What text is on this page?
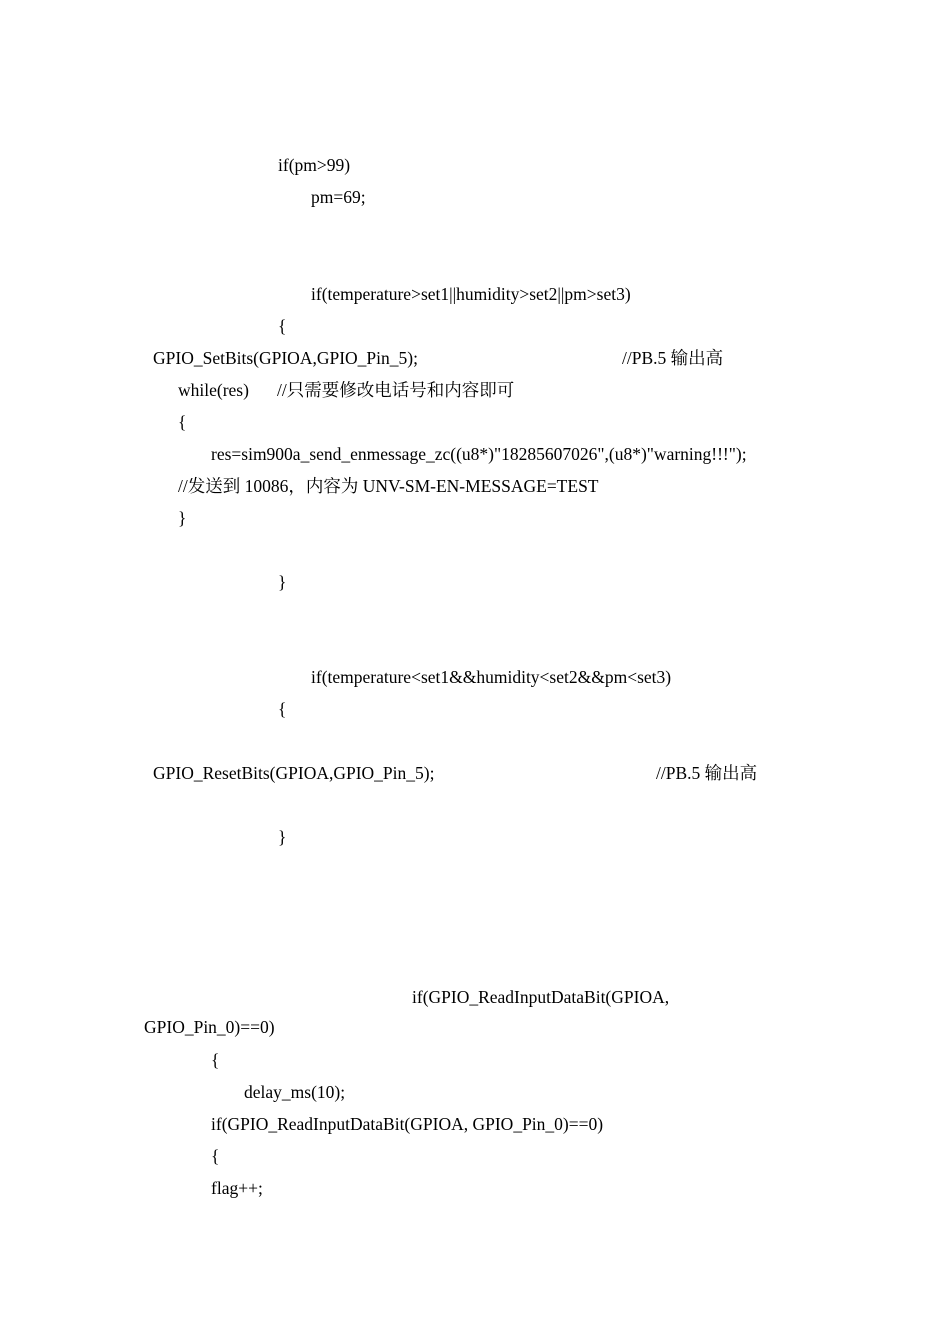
if(pm>99)
pm=69;
if(temperature>set1||humidity>set2||pm>set3)
{
GPIO_SetBits(GPIOA,GPIO_Pin_5);	//PB.5 输出高
while(res) //只需要修改电话号和内容即可
{
res=sim900a_send_enmessage_zc((u8*)"18285607026",(u8*)"warning!!!");
//发送到 10086，内容为 UNV-SM-EN-MESSAGE=TEST
}
}
if(temperature<set1&&humidity<set2&&pm<set3)
{
GPIO_ResetBits(GPIOA,GPIO_Pin_5);	//PB.5 输出高
}
if(GPIO_ReadInputDataBit(GPIOA,
GPIO_Pin_0)==0)
{
delay_ms(10);
if(GPIO_ReadInputDataBit(GPIOA, GPIO_Pin_0)==0)
{
flag++;
